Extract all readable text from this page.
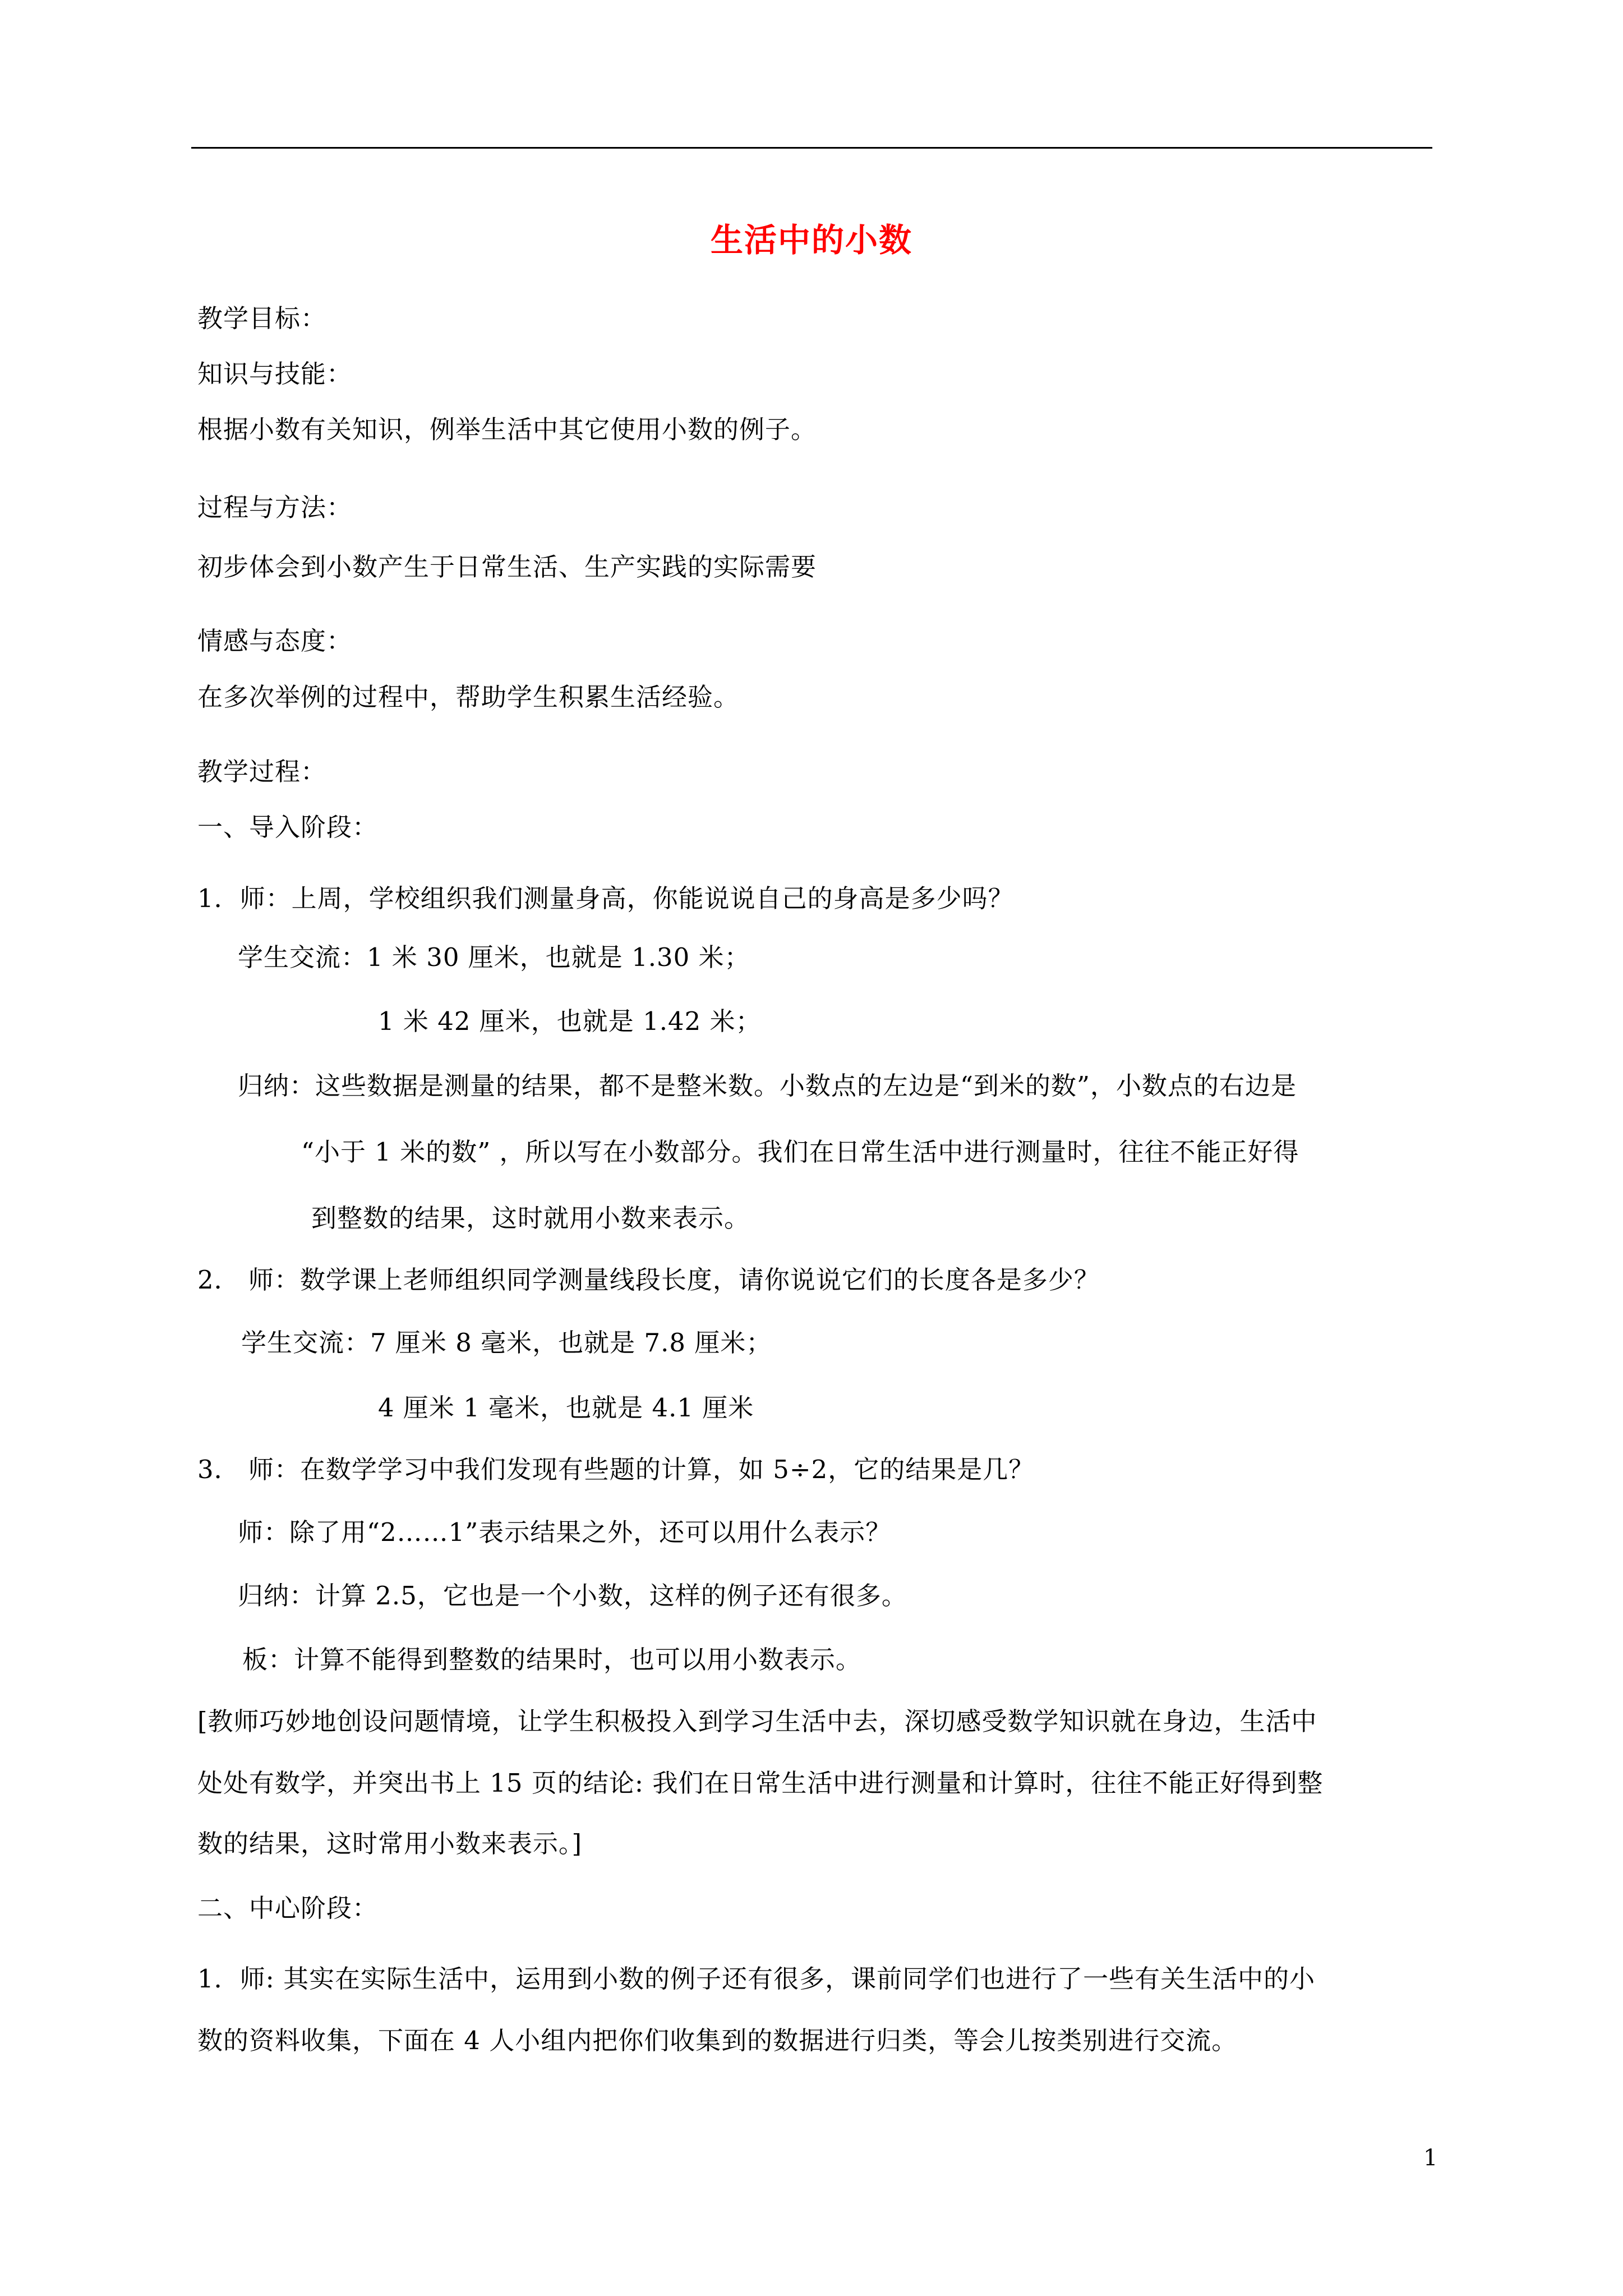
生活中的小数
教学目标：
知识与技能：
根据小数有关知识，例举生活中其它使用小数的例子。
过程与方法：
初步体会到小数产生于日常生活、生产实践的实际需要
情感与态度：
在多次举例的过程中，帮助学生积累生活经验。
教学过程：
一、导入阶段：
1．师：上周，学校组织我们测量身高，你能说说自己的身高是多少吗？
学生交流：1 米 30 厘米，也就是 1.30 米；
1 米 42 厘米，也就是 1.42 米；
归纳：这些数据是测量的结果，都不是整米数。小数点的左边是“到米的数”，小数点的右边是
“小于 1 米的数” ，所以写在小数部分。我们在日常生活中进行测量时，往往不能正好得
到整数的结果，这时就用小数来表示。
2． 师：数学课上老师组织同学测量线段长度，请你说说它们的长度各是多少？
学生交流：7 厘米 8 毫米，也就是 7.8 厘米；
4 厘米 1 毫米，也就是 4.1 厘米
3． 师：在数学学习中我们发现有些题的计算，如 5÷2，它的结果是几？
师：除了用“2……1”表示结果之外，还可以用什么表示？
归纳：计算 2.5，它也是一个小数，这样的例子还有很多。
板：计算不能得到整数的结果时，也可以用小数表示。
[教师巧妙地创设问题情境，让学生积极投入到学习生活中去，深切感受数学知识就在身边，生活中
处处有数学，并突出书上 15 页的结论: 我们在日常生活中进行测量和计算时，往往不能正好得到整
数的结果，这时常用小数来表示。]
二、中心阶段：
1．师: 其实在实际生活中，运用到小数的例子还有很多，课前同学们也进行了一些有关生活中的小
数的资料收集，下面在 4 人小组内把你们收集到的数据进行归类，等会儿按类别进行交流。
1
